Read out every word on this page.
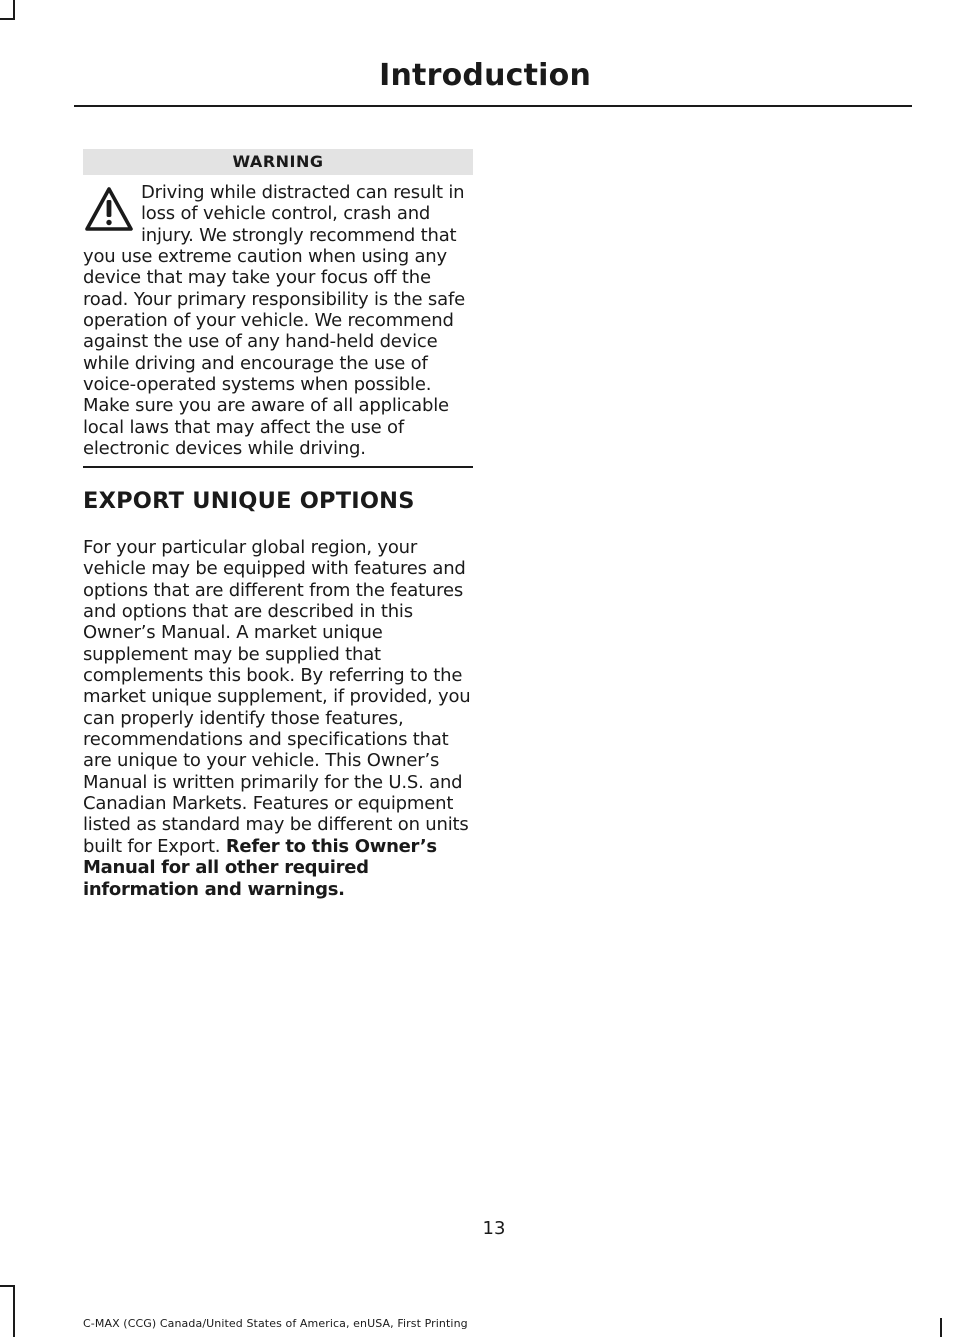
Introduction
WARNING
Driving while distracted can result in loss of vehicle control, crash and injury. We strongly recommend that you use extreme caution when using any device that may take your focus off the road. Your primary responsibility is the safe operation of your vehicle. We recommend against the use of any hand-held device while driving and encourage the use of voice-operated systems when possible. Make sure you are aware of all applicable local laws that may affect the use of electronic devices while driving.
EXPORT UNIQUE OPTIONS
For your particular global region, your vehicle may be equipped with features and options that are different from the features and options that are described in this Owner’s Manual. A market unique supplement may be supplied that complements this book. By referring to the market unique supplement, if provided, you can properly identify those features, recommendations and specifications that are unique to your vehicle. This Owner’s Manual is written primarily for the U.S. and Canadian Markets. Features or equipment listed as standard may be different on units built for Export. Refer to this Owner’s Manual for all other required information and warnings.
13
C-MAX (CCG) Canada/United States of America, enUSA, First Printing
